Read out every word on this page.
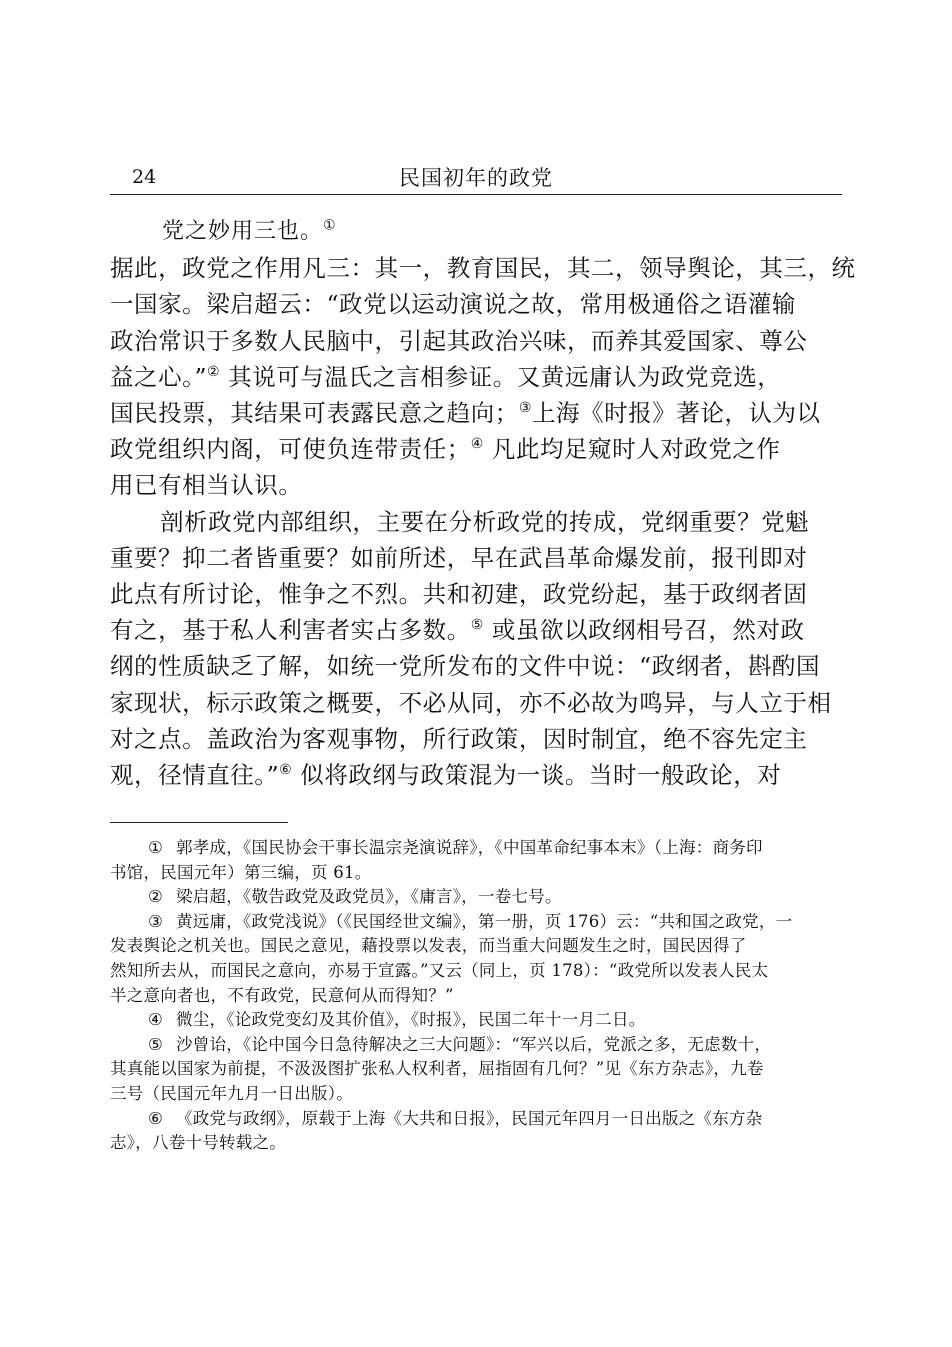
24	民国初年的政党
党之妙用三也。①
据此，政党之作用凡三：其一，教育国民，其二，领导舆论，其三，统
一国家。梁启超云：“政党以运动演说之故，常用极通俗之语灌输
政治常识于多数人民脑中，引起其政治兴味，而养其爱国家、尊公
益之心。”② 其说可与温氏之言相参证。又黄远庸认为政党竞选，
国民投票，其结果可表露民意之趋向；③上海《时报》著论，认为以
政党组织内阁，可使负连带责任；④ 凡此均足窥时人对政党之作
用已有相当认识。
剖析政党内部组织，主要在分析政党的抟成，党纲重要？党魁
重要？抑二者皆重要？如前所述，早在武昌革命爆发前，报刊即对
此点有所讨论，惟争之不烈。共和初建，政党纷起，基于政纲者固
有之，基于私人利害者实占多数。⑤ 或虽欲以政纲相号召，然对政
纲的性质缺乏了解，如统一党所发布的文件中说：“政纲者，斟酌国
家现状，标示政策之概要，不必从同，亦不必故为鸣异，与人立于相
对之点。盖政治为客观事物，所行政策，因时制宜，绝不容先定主
观，径情直往。”⑥ 似将政纲与政策混为一谈。当时一般政论，对
① 郭孝成，《国民协会干事长温宗尧演说辞》，《中国革命纪事本末》（上海：商务印
书馆，民国元年）第三编，页 61。
② 梁启超，《敬告政党及政党员》，《庸言》，一卷七号。
③ 黄远庸，《政党浅说》（《民国经世文编》，第一册，页 176）云：“共和国之政党，一
发表舆论之机关也。国民之意见，藉投票以发表，而当重大问题发生之时，国民因得了
然知所去从，而国民之意向，亦易于宣露。”又云（同上，页 178）：“政党所以发表人民太
半之意向者也，不有政党，民意何从而得知？”
④ 微尘，《论政党变幻及其价值》，《时报》，民国二年十一月二日。
⑤ 沙曾诒，《论中国今日急待解决之三大问题》：“军兴以后，党派之多，无虑数十，
其真能以国家为前提，不汲汲图扩张私人权利者，屈指固有几何？”见《东方杂志》，九卷
三号（民国元年九月一日出版）。
⑥ 《政党与政纲》，原载于上海《大共和日报》，民国元年四月一日出版之《东方杂
志》，八卷十号转载之。
